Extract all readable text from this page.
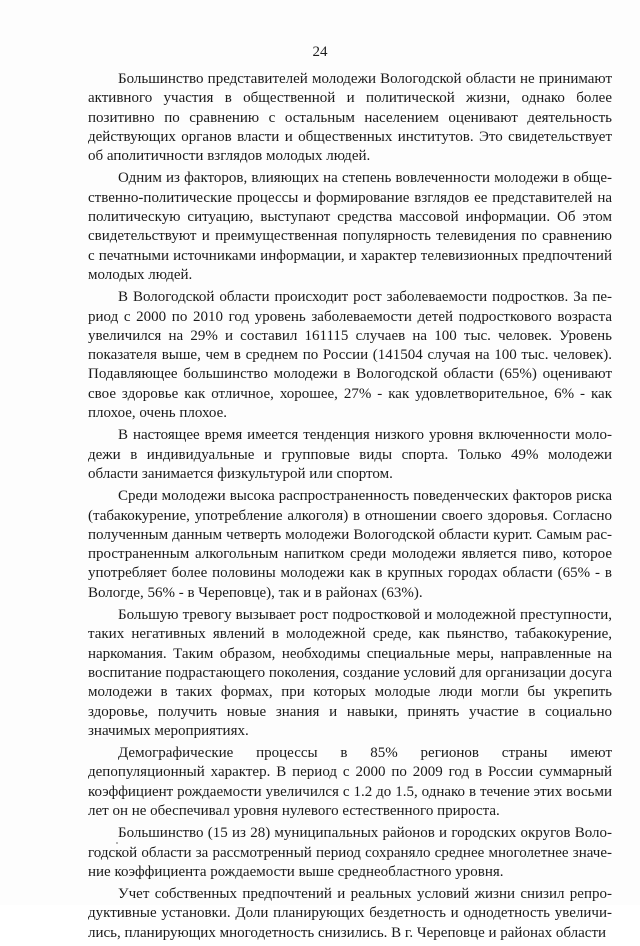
24

Большинство представителей молодежи Вологодской области не принимают активного участия в общественной и политической жизни, однако более позитивно по сравнению с остальным населением оценивают деятельность действующих органов власти и общественных институтов. Это свидетельствует об аполитичности взглядов молодых людей.

Одним из факторов, влияющих на степень вовлеченности молодежи в общественно-политические процессы и формирование взглядов ее представителей на политическую ситуацию, выступают средства массовой информации. Об этом свидетельствуют и преимущественная популярность телевидения по сравнению с печатными источниками информации, и характер телевизионных предпочтений молодых людей.

В Вологодской области происходит рост заболеваемости подростков. За период с 2000 по 2010 год уровень заболеваемости детей подросткового возраста увеличился на 29% и составил 161115 случаев на 100 тыс. человек. Уровень показателя выше, чем в среднем по России (141504 случая на 100 тыс. человек). Подавляющее большинство молодежи в Вологодской области (65%) оценивают свое здоровье как отличное, хорошее, 27% - как удовлетворительное, 6% - как плохое, очень плохое.

В настоящее время имеется тенденция низкого уровня включенности молодежи в индивидуальные и групповые виды спорта. Только 49% молодежи области занимается физкультурой или спортом.

Среди молодежи высока распространенность поведенческих факторов риска (табакокурение, употребление алкоголя) в отношении своего здоровья. Согласно полученным данным четверть молодежи Вологодской области курит. Самым распространенным алкогольным напитком среди молодежи является пиво, которое употребляет более половины молодежи как в крупных городах области (65% - в Вологде, 56% - в Череповце), так и в районах (63%).

Большую тревогу вызывает рост подростковой и молодежной преступности, таких негативных явлений в молодежной среде, как пьянство, табакокурение, наркомания. Таким образом, необходимы специальные меры, направленные на воспитание подрастающего поколения, создание условий для организации досуга молодежи в таких формах, при которых молодые люди могли бы укрепить здоровье, получить новые знания и навыки, принять участие в социально значимых мероприятиях.

Демографические процессы в 85% регионов страны имеют депопуляционный характер. В период с 2000 по 2009 год в России суммарный коэффициент рождаемости увеличился с 1.2 до 1.5, однако в течение этих восьми лет он не обеспечивал уровня нулевого естественного прироста.

Большинство (15 из 28) муниципальных районов и городских округов Вологодской области за рассмотренный период сохраняло среднее многолетнее значение коэффициента рождаемости выше среднеобластного уровня.

Учет собственных предпочтений и реальных условий жизни снизил репродуктивные установки. Доли планирующих бездетность и однодетность увеличились, планирующих многодетность снизились. В г. Череповце и районах области
